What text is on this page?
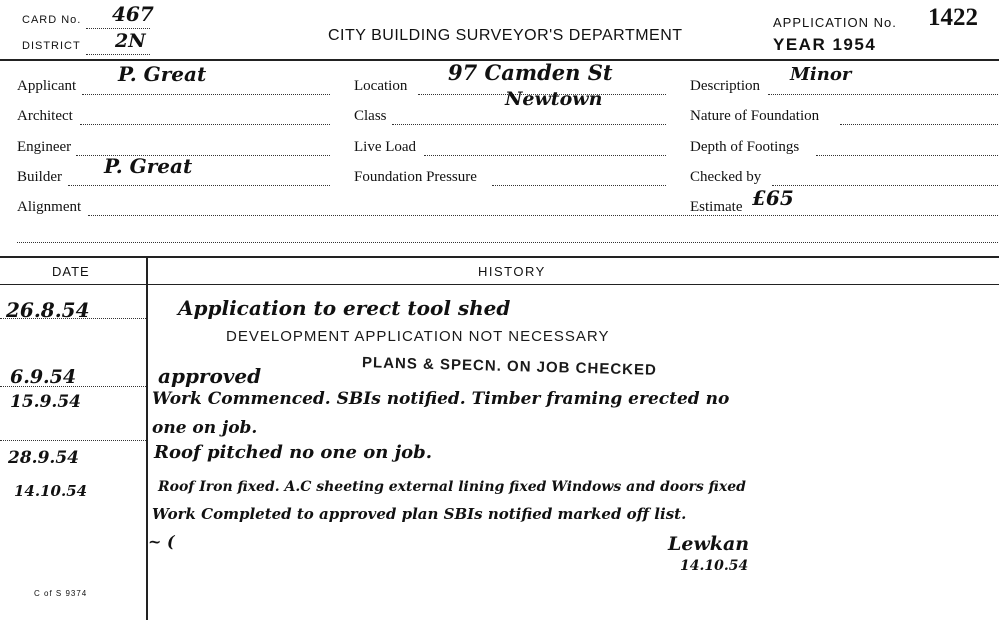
CARD No. 467
DISTRICT 2N	CITY BUILDING SURVEYOR'S DEPARTMENT
APPLICATION No. 1422
YEAR 1954
Applicant P. Great
Architect
Engineer
Builder P. Great
Alignment
Location
97 Camden St
Newtown
Class
Live Load
Foundation Pressure
Description
Minor
Nature of Foundation
Depth of Footings
Checked by
Estimate £65
DATE	HISTORY
26.8.54	Application to erect tool shed
DEVELOPMENT APPLICATION NOT NECESSARY
6.9.54	approved	PLANS & SPECN. ON JOB CHECKED
15.9.54	Work Commenced. SBIs notified. Timber framing erected no
one on job.
28.9.54	Roof pitched no one on job.
14.10.54	Roof Iron fixed. A.C sheeting external lining fixed Windows and doors fixed
Work Completed to approved plan SBIs notified marked off list.
~ (	Lewkan
14.10.54
C of S 9374
